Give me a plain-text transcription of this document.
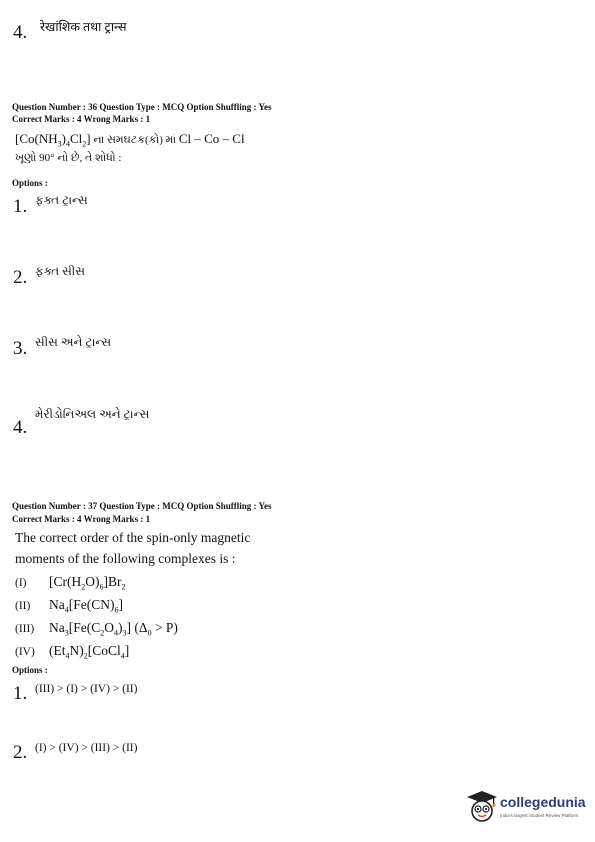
4. रेखांशिक तथा ट्रान्स
Question Number : 36 Question Type : MCQ Option Shuffling : Yes
Correct Marks : 4 Wrong Marks : 1
$[Co(NH_3)_4Cl_2]$ ના સમઘટક(કો) માં Cl – Co – Cl
ખૂણો 90° નો છે, તે શોધો :
Options :
1. ફક્ત ટ્રાન્સ
2. ફક્ત સીસ
3. સીસ અને ટ્રાન્સ
4.
મેરીડોનિઅલ અને ટ્રાન્સ
Question Number : 37 Question Type : MCQ Option Shuffling : Yes
Correct Marks : 4 Wrong Marks : 1
The correct order of the spin-only magnetic
moments of the following complexes is :
(I) $[Cr(H_2O)_6]Br_2$
(II) $Na_4[Fe(CN)_6]$
(III) $Na_3[Fe(C_2O_4)_3] (\Delta_0 > P)$
(IV) $(Et_4N)_2[CoCl_4]$
Options :
1. (III) > (I) > (IV) > (II)
2. (I) > (IV) > (III) > (II)
collegedunia
India's largest Student Review Platform
